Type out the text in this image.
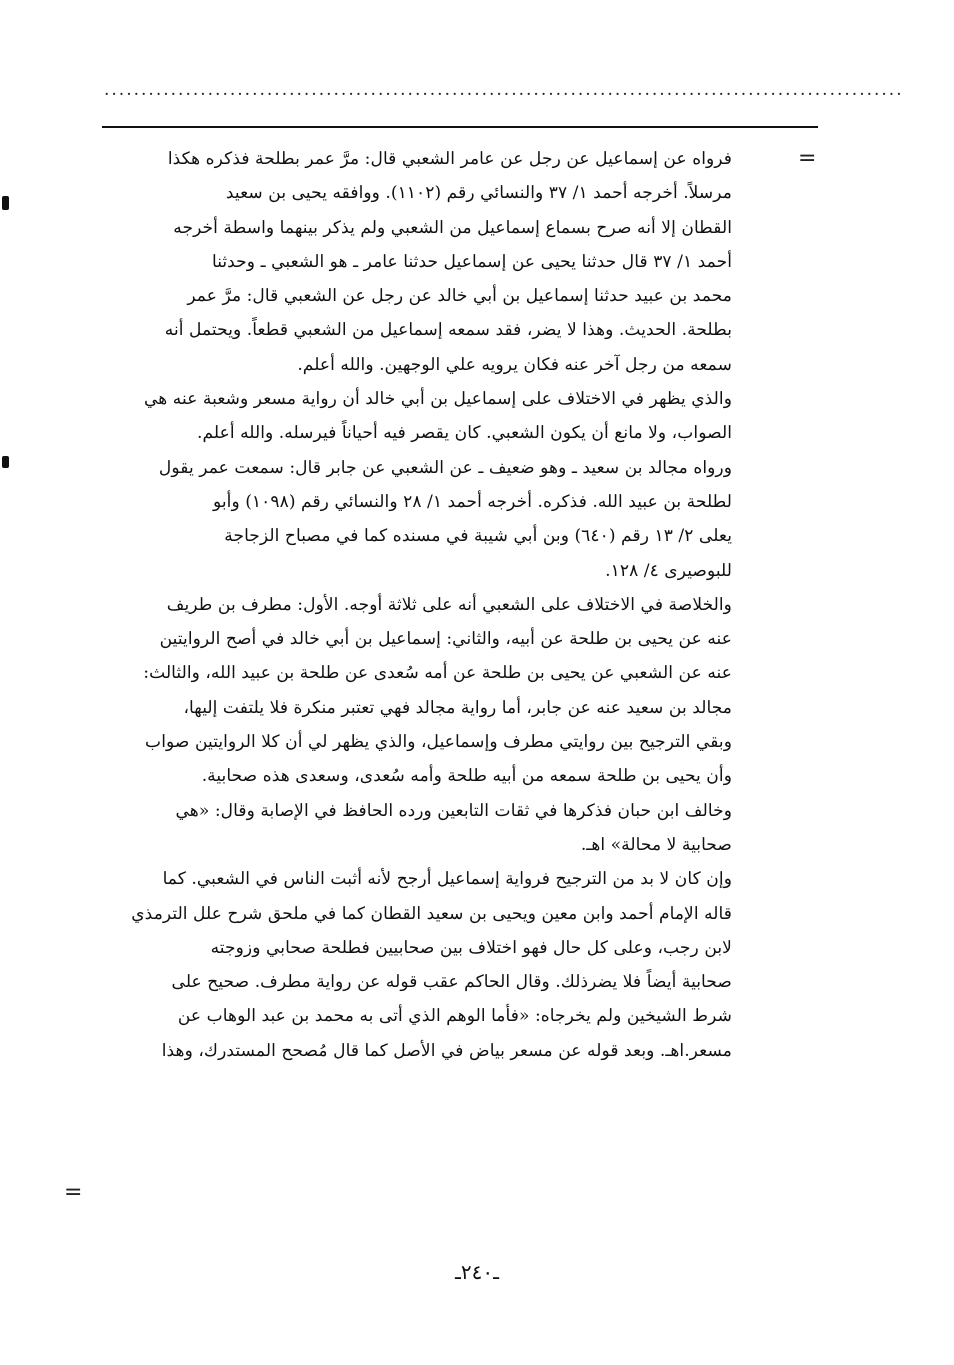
............................................................................................................
=
=
فرواه عن إسماعيل عن رجل عن عامر الشعبي قال: مرَّ عمر بطلحة فذكره هكذا
مرسلاً. أخرجه أحمد ١/ ٣٧ والنسائي رقم (١١٠٢). ووافقه يحيى بن سعيد
القطان إلا أنه صرح بسماع إسماعيل من الشعبي ولم يذكر بينهما واسطة أخرجه
أحمد ١/ ٣٧ قال حدثنا يحيى عن إسماعيل حدثنا عامر ـ هو الشعبي ـ وحدثنا
محمد بن عبيد حدثنا إسماعيل بن أبي خالد عن رجل عن الشعبي قال: مرَّ عمر
بطلحة. الحديث. وهذا لا يضر، فقد سمعه إسماعيل من الشعبي قطعاً. ويحتمل أنه
سمعه من رجل آخر عنه فكان يرويه علي الوجهين. والله أعلم.
والذي يظهر في الاختلاف على إسماعيل بن أبي خالد أن رواية مسعر وشعبة عنه هي
الصواب، ولا مانع أن يكون الشعبي. كان يقصر فيه أحياناً فيرسله. والله أعلم.
ورواه مجالد بن سعيد ـ وهو ضعيف ـ عن الشعبي عن جابر قال: سمعت عمر يقول
لطلحة بن عبيد الله. فذكره. أخرجه أحمد ١/ ٢٨ والنسائي رقم (١٠٩٨) وأبو
يعلى ٢/ ١٣ رقم (٦٤٠) وبن أبي شيبة في مسنده كما في مصباح الزجاجة
للبوصيرى ٤/ ١٢٨.
والخلاصة في الاختلاف على الشعبي أنه على ثلاثة أوجه. الأول: مطرف بن طريف
عنه عن يحيى بن طلحة عن أبيه، والثاني: إسماعيل بن أبي خالد في أصح الروايتين
عنه عن الشعبي عن يحيى بن طلحة عن أمه سُعدى عن طلحة بن عبيد الله، والثالث:
مجالد بن سعيد عنه عن جابر، أما رواية مجالد فهي تعتبر منكرة فلا يلتفت إليها،
وبقي الترجيح بين روايتي مطرف وإسماعيل، والذي يظهر لي أن كلا الروايتين صواب
وأن يحيى بن طلحة سمعه من أبيه طلحة وأمه سُعدى، وسعدى هذه صحابية.
وخالف ابن حبان فذكرها في ثقات التابعين ورده الحافظ في الإصابة وقال: «هي
صحابية لا محالة» اهـ.
وإن كان لا بد من الترجيح فرواية إسماعيل أرجح لأنه أثبت الناس في الشعبي. كما
قاله الإمام أحمد وابن معين ويحيى بن سعيد القطان كما في ملحق شرح علل الترمذي
لابن رجب، وعلى كل حال فهو اختلاف بين صحابيين فطلحة صحابي وزوجته
صحابية أيضاً فلا يضرذلك. وقال الحاكم عقب قوله عن رواية مطرف. صحيح على
شرط الشيخين ولم يخرجاه: «فأما الوهم الذي أتى به محمد بن عبد الوهاب عن
مسعر.اهـ. وبعد قوله عن مسعر بياض في الأصل كما قال مُصحح المستدرك، وهذا
ـ٢٤٠ـ
